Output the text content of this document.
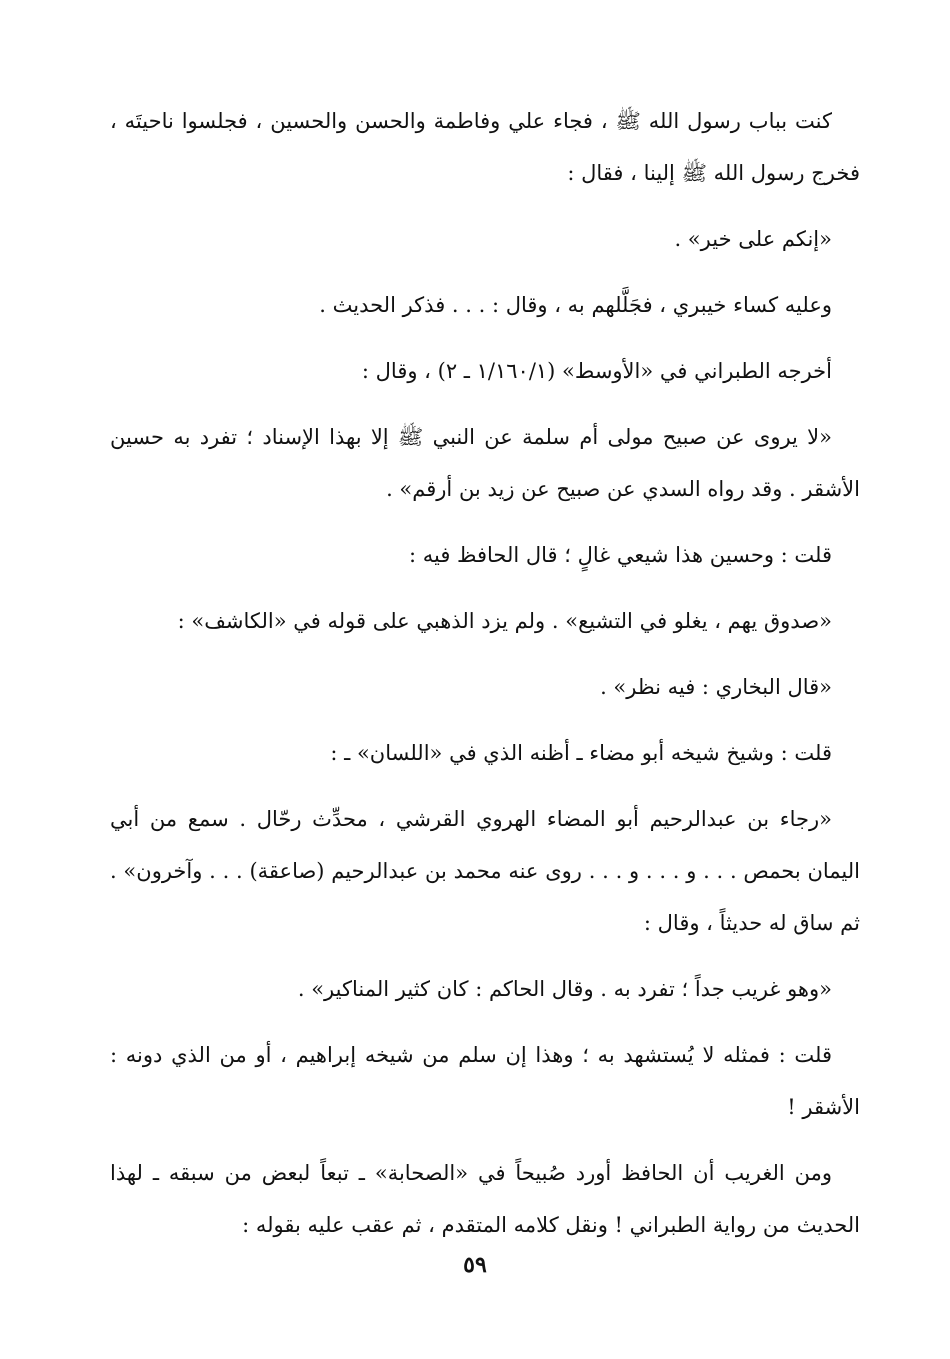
كنت بباب رسول الله ﷺ ، فجاء علي وفاطمة والحسن والحسين ، فجلسوا ناحيتَه ، فخرج رسول الله ﷺ إلينا ، فقال :

«إنكم على خير» .

وعليه كساء خيبري ، فجَلَّلهم به ، وقال : . . . فذكر الحديث .

أخرجه الطبراني في «الأوسط» (١/١٦٠/١ ـ ٢) ، وقال :

«لا يروى عن صبيح مولى أم سلمة عن النبي ﷺ إلا بهذا الإسناد ؛ تفرد به حسين الأشقر . وقد رواه السدي عن صبيح عن زيد بن أرقم» .

قلت : وحسين هذا شيعي غالٍ ؛ قال الحافظ فيه :

«صدوق يهم ، يغلو في التشيع» . ولم يزد الذهبي على قوله في «الكاشف» :

«قال البخاري : فيه نظر» .

قلت : وشيخ شيخه أبو مضاء ـ أظنه الذي في «اللسان» ـ :

«رجاء بن عبدالرحيم أبو المضاء الهروي القرشي ، محدِّث رحّال . سمع من أبي اليمان بحمص . . . و . . . و . . . روى عنه محمد بن عبدالرحيم (صاعقة) . . . وآخرون» . ثم ساق له حديثاً ، وقال :

«وهو غريب جداً ؛ تفرد به . وقال الحاكم : كان كثير المناكير» .

قلت : فمثله لا يُستشهد به ؛ وهذا إن سلم من شيخه إبراهيم ، أو من الذي دونه : الأشقر !

ومن الغريب أن الحافظ أورد صُبيحاً في «الصحابة» ـ تبعاً لبعض من سبقه ـ لهذا الحديث من رواية الطبراني ! ونقل كلامه المتقدم ، ثم عقب عليه بقوله :

٥٩
